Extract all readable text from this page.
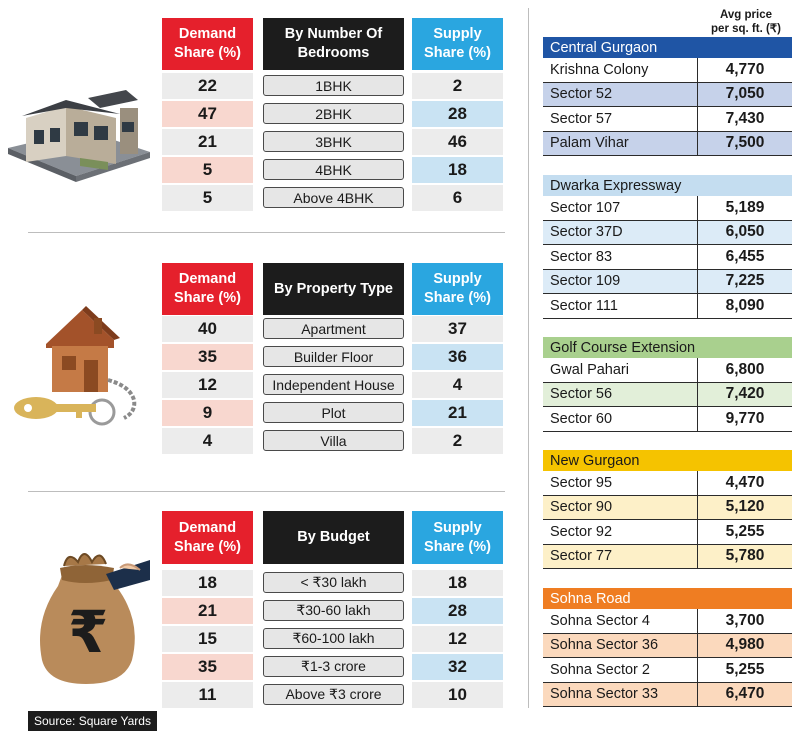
₹
Demand
Share (%)
By Number Of
Bedrooms
Supply
Share (%)
22	1BHK	2
47	2BHK	28
21	3BHK	46
5	4BHK	18
5	Above 4BHK	6
Demand
Share (%)
By Property Type
Supply
Share (%)
40	Apartment	37
35	Builder Floor	36
12	Independent House	4
9	Plot	21
4	Villa	2
Demand
Share (%)
By Budget
Supply
Share (%)
18	< ₹30 lakh	18
21	₹30-60 lakh	28
15	₹60-100 lakh	12
35	₹1-3 crore	32
11	Above ₹3 crore	10
Source: Square Yards
Avg price
per sq. ft. (₹)
Central Gurgaon
Krishna Colony	4,770
Sector 52	7,050
Sector 57	7,430
Palam Vihar	7,500
Dwarka Expressway
Sector 107	5,189
Sector 37D	6,050
Sector 83	6,455
Sector 109	7,225
Sector 111	8,090
Golf Course Extension
Gwal Pahari	6,800
Sector 56	7,420
Sector 60	9,770
New Gurgaon
Sector 95	4,470
Sector 90	5,120
Sector 92	5,255
Sector 77	5,780
Sohna Road
Sohna Sector 4	3,700
Sohna Sector 36	4,980
Sohna Sector 2	5,255
Sohna Sector 33	6,470
